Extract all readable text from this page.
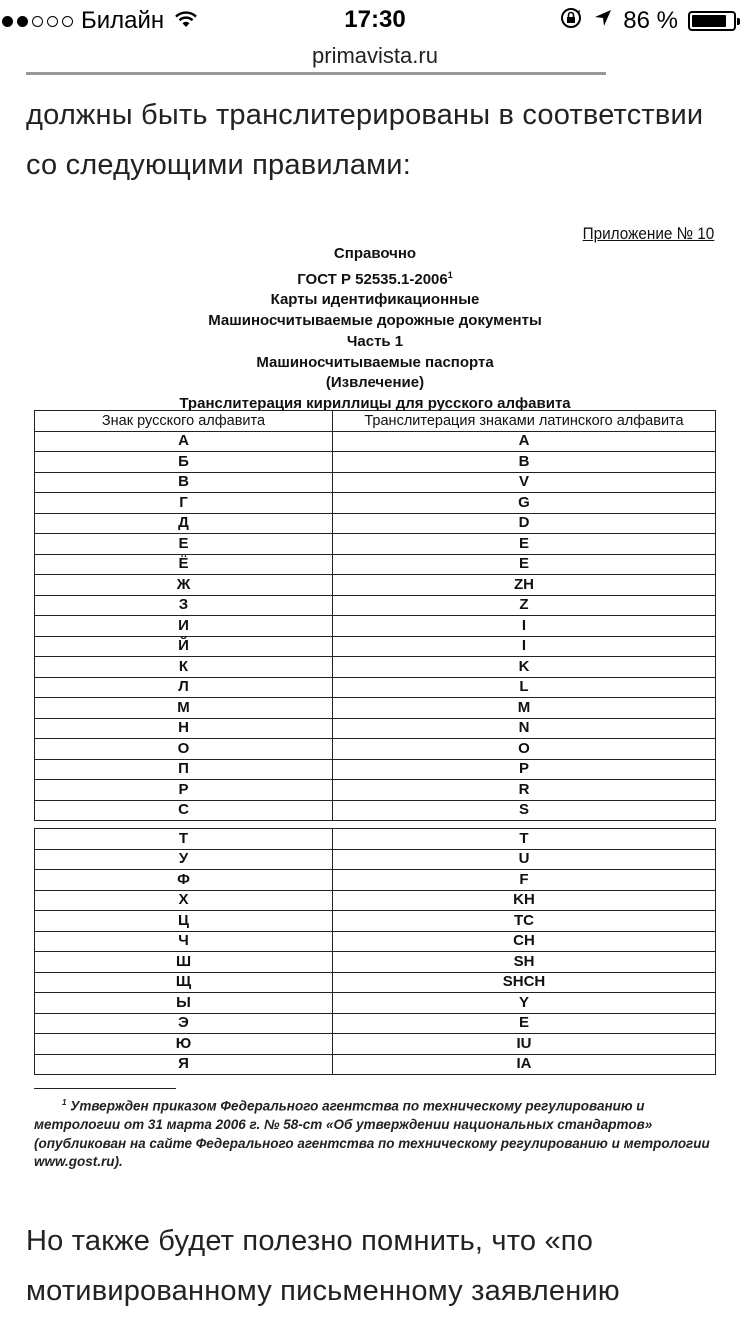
Билайн	17:30	86 %
primavista.ru
должны быть транслитерированы в соответствии со следующими правилами:
Приложение № 10
Справочно
ГОСТ Р 52535.1-2006$^1$
Карты идентификационные
Машиносчитываемые дорожные документы
Часть 1
Машиносчитываемые паспорта
(Извлечение)
Транслитерация кириллицы для русского алфавита
Знак русского алфавита	Транслитерация знаками латинского алфавита
А	A
Б	B
В	V
Г	G
Д	D
Е	E
Ё	E
Ж	ZH
З	Z
И	I
Й	I
К	K
Л	L
М	M
Н	N
О	O
П	P
Р	R
С	S
Т	T
У	U
Ф	F
Х	KH
Ц	TC
Ч	CH
Ш	SH
Щ	SHCH
Ы	Y
Э	E
Ю	IU
Я	IA
$^1$ Утвержден приказом Федерального агентства по техническому регулированию и метрологии от 31 марта 2006 г. № 58-ст «Об утверждении национальных стандартов» (опубликован на сайте Федерального агентства по техническому регулированию и метрологии www.gost.ru).
Но также будет полезно помнить, что «по мотивированному письменному заявлению
